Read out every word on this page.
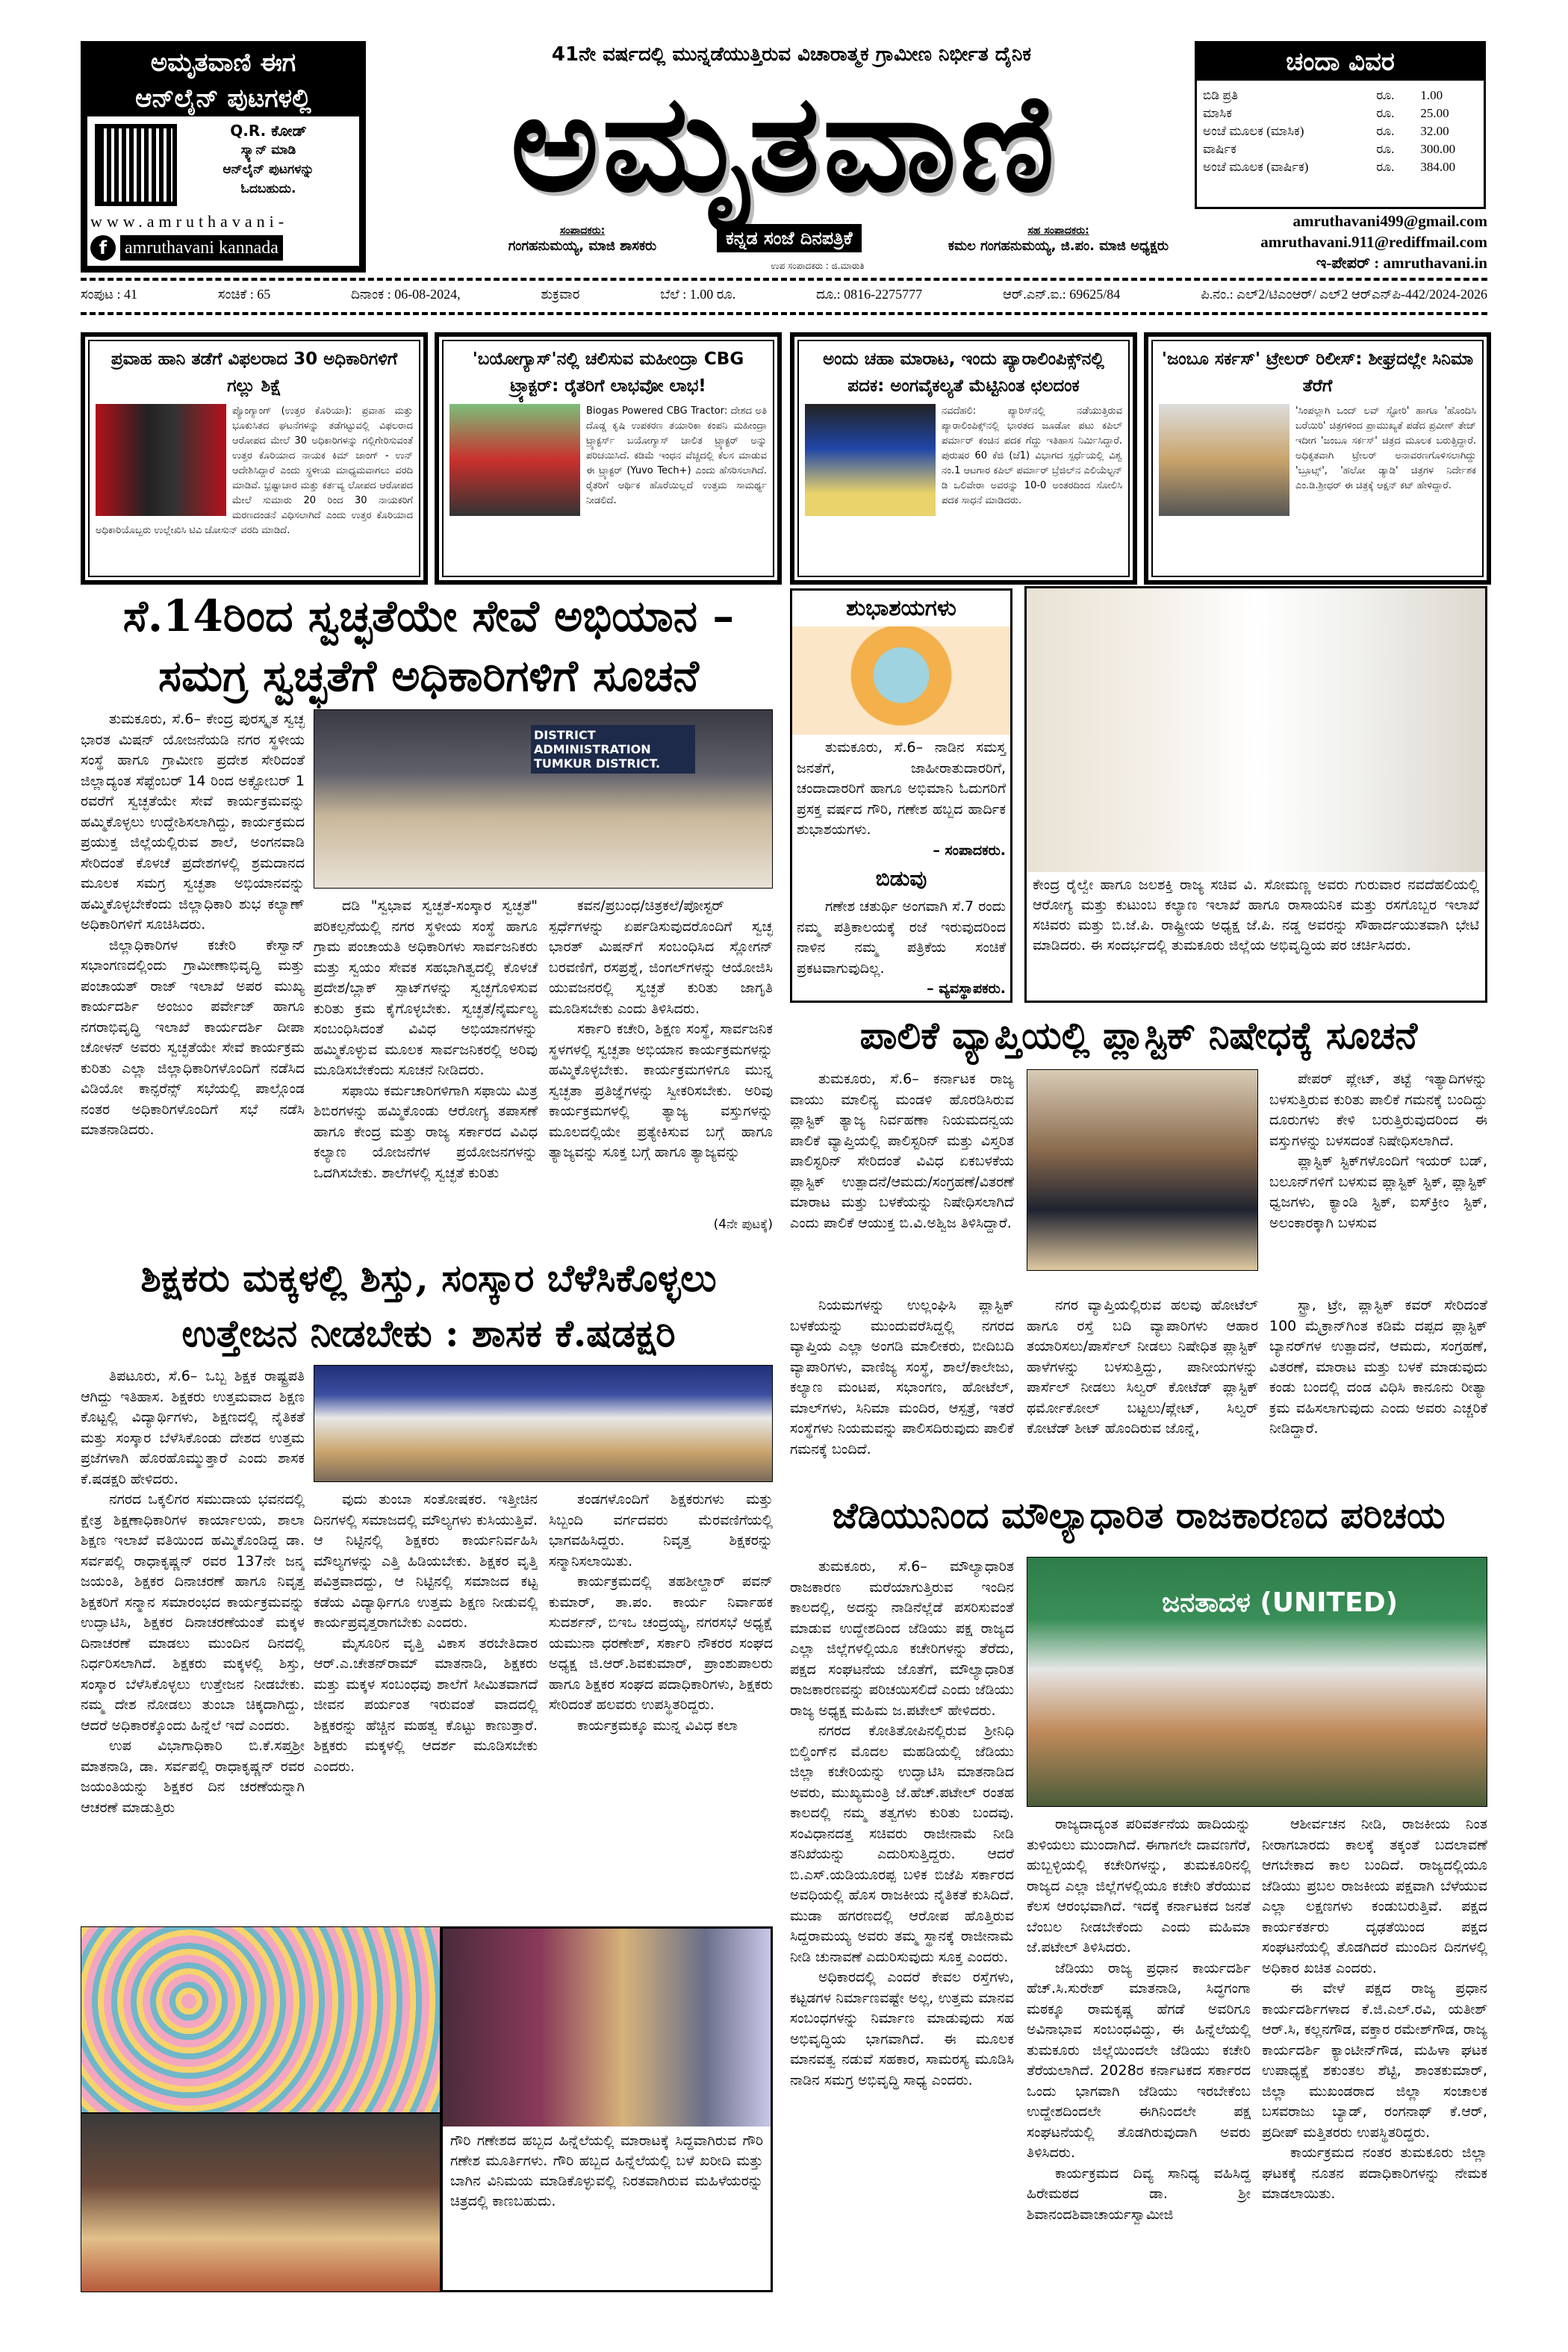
ಅಮೃತವಾಣಿ ಈಗ
ಆನ್‌ಲೈನ್ ಪುಟಗಳಲ್ಲಿ
Q.R. ಕೋಡ್
ಸ್ಕ್ಯಾನ್ ಮಾಡಿ
ಆನ್‌ಲೈನ್ ಪುಟಗಳನ್ನು
ಓದಬಹುದು.
www.amruthavani-
f amruthavani kannada
41ನೇ ವರ್ಷದಲ್ಲಿ ಮುನ್ನಡೆಯುತ್ತಿರುವ ವಿಚಾರಾತ್ಮಕ ಗ್ರಾಮೀಣ ನಿರ್ಭೀತ ದೈನಿಕ
ಅಮೃತವಾಣಿ
ಕನ್ನಡ ಸಂಜೆ ದಿನಪತ್ರಿಕೆ
ಸಂಪಾದಕರು:
ಗಂಗಹನುಮಯ್ಯ, ಮಾಜಿ ಶಾಸಕರು
ಉಪ ಸಂಪಾದಕರು : ಜಿ.ಮಾರುತಿ
ಸಹ ಸಂಪಾದಕರು:
ಕಮಲ ಗಂಗಹನುಮಯ್ಯ, ಜಿ.ಪಂ. ಮಾಜಿ ಅಧ್ಯಕ್ಷರು
ಚಂದಾ ವಿವರ
ಬಿಡಿ ಪ್ರತಿ	ರೂ.	1.00
ಮಾಸಿಕ	ರೂ.	25.00
ಅಂಚೆ ಮೂಲಕ (ಮಾಸಿಕ)	ರೂ.	32.00
ವಾರ್ಷಿಕ	ರೂ.	300.00
ಅಂಚೆ ಮೂಲಕ (ವಾರ್ಷಿಕ)	ರೂ.	384.00
amruthavani499@gmail.com
amruthavani.911@rediffmail.com
ಇ-ಪೇಪರ್ : amruthavani.in
ಸಂಪುಟ : 41	ಸಂಚಿಕೆ : 65	ದಿನಾಂಕ : 06-08-2024,	ಶುಕ್ರವಾರ	ಬೆಲೆ : 1.00 ರೂ.	ದೂ.: 0816-2275777	ಆರ್.ಎನ್.ಐ.: 69625/84	ಪಿ.ನಂ.: ಎಲ್2/ಟಿಎಂಆರ್/ ಎಲ್2 ಆರ್‌ಎನ್‌ಪಿ-442/2024-2026
ಪ್ರವಾಹ ಹಾನಿ ತಡೆಗೆ ವಿಫಲರಾದ 30 ಅಧಿಕಾರಿಗಳಿಗೆ ಗಲ್ಲು ಶಿಕ್ಷೆ

ಪ್ಯೊಂಗ್ಯಾಂಗ್ (ಉತ್ತರ ಕೊರಿಯಾ): ಪ್ರವಾಹ ಮತ್ತು ಭೂಕುಸಿತದ ಘಟನೆಗಳನ್ನು ತಡೆಗಟ್ಟುವಲ್ಲಿ ವಿಫಲರಾದ ಆರೋಪದ ಮೇಲೆ 30 ಅಧಿಕಾರಿಗಳನ್ನು ಗಲ್ಲಿಗೇರಿಸುವಂತೆ ಉತ್ತರ ಕೊರಿಯಾದ ನಾಯಕ ಕಿಮ್ ಜಾಂಗ್ - ಉನ್ ಆದೇಶಿಸಿದ್ದಾರೆ ಎಂದು ಸ್ಥಳೀಯ ಮಾಧ್ಯಮವಾಗಲು ವರದಿ ಮಾಡಿವೆ. ಭ್ರಷ್ಟಾಚಾರ ಮತ್ತು ಕರ್ತವ್ಯ ಲೋಪದ ಆರೋಪದ ಮೇಲೆ ಸುಮಾರು 20 ರಿಂದ 30 ನಾಯಕರಿಗೆ ಮರಣದಂಡನೆ ವಿಧಿಸಲಾಗಿದೆ ಎಂದು ಉತ್ತರ ಕೊರಿಯಾದ ಅಧಿಕಾರಿಯೊಬ್ಬರು ಉಲ್ಲೇಖಿಸಿ ಟಿವಿ ಚೋಸುನ್ ವರದಿ ಮಾಡಿದೆ.

'ಬಯೋಗ್ಯಾಸ್'ನಲ್ಲಿ ಚಲಿಸುವ ಮಹೀಂದ್ರಾ CBG ಟ್ರ್ಯಾಕ್ಟರ್: ರೈತರಿಗೆ ಲಾಭವೋ ಲಾಭ!

Biogas Powered CBG Tractor: ದೇಶದ ಅತಿ ದೊಡ್ಡ ಕೃಷಿ ಉಪಕರಣ ತಯಾರಿಕಾ ಕಂಪನಿ ಮಹೀಂದ್ರಾ ಟ್ರ್ಯಾಕ್ಟರ್ಸ್ ಬಯೋಗ್ಯಾಸ್ ಚಾಲಿತ ಟ್ರ್ಯಾಕ್ಟರ್ ಅನ್ನು ಪರಿಚಯಿಸಿದೆ. ಕಡಿಮೆ ಇಂಧನ ವೆಚ್ಚದಲ್ಲಿ ಕೆಲಸ ಮಾಡುವ ಈ ಟ್ರ್ಯಾಕ್ಟರ್ (Yuvo Tech+) ಎಂದು ಹೆಸರಿಸಲಾಗಿದೆ. ರೈತರಿಗೆ ಆರ್ಥಿಕ ಹೊರೆಯಿಲ್ಲದೆ ಉತ್ತಮ ಸಾಮರ್ಥ್ಯ ನೀಡಲಿದೆ.

ಅಂದು ಚಹಾ ಮಾರಾಟ, ಇಂದು ಪ್ಯಾರಾಲಿಂಪಿಕ್ಸ್‌ನಲ್ಲಿ ಪದಕ: ಅಂಗವೈಕಲ್ಯತೆ ಮೆಟ್ಟಿನಿಂತ ಛಲದಂಕ

ನವದೆಹಲಿ: ಪ್ಯಾರಿಸ್‌ನಲ್ಲಿ ನಡೆಯುತ್ತಿರುವ ಪ್ಯಾರಾಲಿಂಪಿಕ್ಸ್‌ನಲ್ಲಿ ಭಾರತದ ಜೂಡೋ ಪಟು ಕಪಿಲ್ ಪರ್ಮಾರ್ ಕಂಚಿನ ಪದಕ ಗೆದ್ದು ಇತಿಹಾಸ ನಿರ್ಮಿಸಿದ್ದಾರೆ. ಪುರುಷರ 60 ಕೆಜಿ (ಜೆ1) ವಿಭಾಗದ ಸ್ಪರ್ಧೆಯಲ್ಲಿ ವಿಶ್ವ ನಂ.1 ಆಟಗಾರ ಕಪಿಲ್ ಪರ್ಮಾರ್ ಬ್ರೆಜಿಲ್‌ನ ಎಲಿಯೆಲ್ಟನ್ ಡಿ ಒಲಿವೇರಾ ಅವರನ್ನು 10-0 ಅಂತರದಿಂದ ಸೋಲಿಸಿ ಪದಕ ಸಾಧನೆ ಮಾಡಿದರು.

'ಜಂಬೂ ಸರ್ಕಸ್' ಟ್ರೇಲರ್ ರಿಲೀಸ್: ಶೀಘ್ರದಲ್ಲೇ ಸಿನಿಮಾ ತೆರೆಗೆ

'ಸಿಂಪಲ್ಲಾಗಿ ಒಂದ್ ಲವ್ ಸ್ಟೋರಿ' ಹಾಗೂ 'ಹೊಂದಿಸಿ ಬರೆಯಿರಿ' ಚಿತ್ರಗಳಿಂದ ಪ್ರಾಮುಖ್ಯತೆ ಪಡೆದ ಪ್ರವೀಣ್ ತೇಜ್ ಇದೀಗ 'ಜಂಬೂ ಸರ್ಕಸ್' ಚಿತ್ರದ ಮೂಲಕ ಬರುತ್ತಿದ್ದಾರೆ. ಅಧಿಕೃತವಾಗಿ ಟ್ರೇಲರ್ ಅನಾವರಣಗೊಳಿಸಲಾಗಿದ್ದು 'ಬ್ರೂಟ್ಸ್', 'ಹಲೋ ಡ್ಯಾಡಿ' ಚಿತ್ರಗಳ ನಿರ್ದೇಶಕ ಎಂ.ಡಿ.ಶ್ರೀಧರ್ ಈ ಚಿತ್ರಕ್ಕೆ ಆಕ್ಷನ್ ಕಟ್ ಹೇಳಿದ್ದಾರೆ.

ಸೆ.14ರಿಂದ ಸ್ವಚ್ಛತೆಯೇ ಸೇವೆ ಅಭಿಯಾನ –
ಸಮಗ್ರ ಸ್ವಚ್ಛತೆಗೆ ಅಧಿಕಾರಿಗಳಿಗೆ ಸೂಚನೆ

ತುಮಕೂರು, ಸೆ.6– ಕೇಂದ್ರ ಪುರಸ್ಕೃತ ಸ್ವಚ್ಛ ಭಾರತ ಮಿಷನ್ ಯೋಜನೆಯಡಿ ನಗರ ಸ್ಥಳೀಯ ಸಂಸ್ಥೆ ಹಾಗೂ ಗ್ರಾಮೀಣ ಪ್ರದೇಶ ಸೇರಿದಂತೆ ಜಿಲ್ಲಾದ್ಯಂತ ಸೆಪ್ಟೆಂಬರ್ 14 ರಿಂದ ಅಕ್ಟೋಬರ್ 1 ರವರೆಗೆ ಸ್ವಚ್ಛತೆಯೇ ಸೇವೆ ಕಾರ್ಯಕ್ರಮವನ್ನು ಹಮ್ಮಿಕೊಳ್ಳಲು ಉದ್ದೇಶಿಸಲಾಗಿದ್ದು, ಕಾರ್ಯಕ್ರಮದ ಪ್ರಯುಕ್ತ ಜಿಲ್ಲೆಯಲ್ಲಿರುವ ಶಾಲೆ, ಅಂಗನವಾಡಿ ಸೇರಿದಂತೆ ಕೊಳಚೆ ಪ್ರದೇಶಗಳಲ್ಲಿ ಶ್ರಮದಾನದ ಮೂಲಕ ಸಮಗ್ರ ಸ್ವಚ್ಛತಾ ಅಭಿಯಾನವನ್ನು ಹಮ್ಮಿಕೊಳ್ಳಬೇಕೆಂದು ಜಿಲ್ಲಾಧಿಕಾರಿ ಶುಭ ಕಲ್ಯಾಣ್ ಅಧಿಕಾರಿಗಳಿಗೆ ಸೂಚಿಸಿದರು.

ಜಿಲ್ಲಾಧಿಕಾರಿಗಳ ಕಚೇರಿ ಕೇಸ್ವಾನ್ ಸಭಾಂಗಣದಲ್ಲಿಂದು ಗ್ರಾಮೀಣಾಭಿವೃದ್ಧಿ ಮತ್ತು ಪಂಚಾಯತ್ ರಾಜ್ ಇಲಾಖೆ ಅಪರ ಮುಖ್ಯ ಕಾರ್ಯದರ್ಶಿ ಅಂಜುಂ ಪರ್ವೇಜ್ ಹಾಗೂ ನಗರಾಭಿವೃದ್ಧಿ ಇಲಾಖೆ ಕಾರ್ಯದರ್ಶಿ ದೀಪಾ ಚೋಳನ್ ಅವರು ಸ್ವಚ್ಛತೆಯೇ ಸೇವೆ ಕಾರ್ಯಕ್ರಮ ಕುರಿತು ಎಲ್ಲಾ ಜಿಲ್ಲಾಧಿಕಾರಿಗಳೊಂದಿಗೆ ನಡೆಸಿದ ವಿಡಿಯೋ ಕಾನ್ಫರೆನ್ಸ್ ಸಭೆಯಲ್ಲಿ ಪಾಲ್ಗೊಂಡ ನಂತರ ಅಧಿಕಾರಿಗಳೊಂದಿಗೆ ಸಭೆ ನಡೆಸಿ ಮಾತನಾಡಿದರು.

DISTRICT ADMINISTRATION TUMKUR DISTRICT.

ದಡಿ "ಸ್ವಭಾವ ಸ್ವಚ್ಛತೆ-ಸಂಸ್ಕಾರ ಸ್ವಚ್ಛತೆ" ಪರಿಕಲ್ಪನೆಯಲ್ಲಿ ನಗರ ಸ್ಥಳೀಯ ಸಂಸ್ಥೆ ಹಾಗೂ ಗ್ರಾಮ ಪಂಚಾಯತಿ ಅಧಿಕಾರಿಗಳು ಸಾರ್ವಜನಿಕರು ಮತ್ತು ಸ್ವಯಂ ಸೇವಕ ಸಹಭಾಗಿತ್ವದಲ್ಲಿ ಕೊಳಚೆ ಪ್ರದೇಶ/ಬ್ಲಾಕ್ ಸ್ಪಾಟ್‌ಗಳನ್ನು ಸ್ವಚ್ಛಗೊಳಿಸುವ ಕುರಿತು ಕ್ರಮ ಕೈಗೊಳ್ಳಬೇಕು. ಸ್ವಚ್ಛತೆ/ನೈರ್ಮಲ್ಯ ಸಂಬಂಧಿಸಿದಂತೆ ವಿವಿಧ ಅಭಿಯಾನಗಳನ್ನು ಹಮ್ಮಿಕೊಳ್ಳುವ ಮೂಲಕ ಸಾರ್ವಜನಿಕರಲ್ಲಿ ಅರಿವು ಮೂಡಿಸಬೇಕೆಂದು ಸೂಚನೆ ನೀಡಿದರು.

ಸಫಾಯಿ ಕರ್ಮಚಾರಿಗಳಿಗಾಗಿ ಸಫಾಯಿ ಮಿತ್ರ ಶಿಬಿರಗಳನ್ನು ಹಮ್ಮಿಕೊಂಡು ಆರೋಗ್ಯ ತಪಾಸಣೆ ಹಾಗೂ ಕೇಂದ್ರ ಮತ್ತು ರಾಜ್ಯ ಸರ್ಕಾರದ ವಿವಿಧ ಕಲ್ಯಾಣ ಯೋಜನೆಗಳ ಪ್ರಯೋಜನಗಳನ್ನು ಒದಗಿಸಬೇಕು. ಶಾಲೆಗಳಲ್ಲಿ ಸ್ವಚ್ಛತೆ ಕುರಿತು

ಕವನ/ಪ್ರಬಂಧ/ಚಿತ್ರಕಲೆ/ಪೋಸ್ಟರ್ ಸ್ಪರ್ಧೆಗಳನ್ನು ಏರ್ಪಡಿಸುವುದರೊಂದಿಗೆ ಸ್ವಚ್ಛ ಭಾರತ್ ಮಿಷನ್‌ಗೆ ಸಂಬಂಧಿಸಿದ ಸ್ಲೋಗನ್ ಬರವಣಿಗೆ, ರಸಪ್ರಶ್ನೆ, ಜಿಂಗಲ್‌ಗಳನ್ನು ಆಯೋಜಿಸಿ ಯುವಜನರಲ್ಲಿ ಸ್ವಚ್ಛತೆ ಕುರಿತು ಜಾಗೃತಿ ಮೂಡಿಸಬೇಕು ಎಂದು ತಿಳಿಸಿದರು.

ಸರ್ಕಾರಿ ಕಚೇರಿ, ಶಿಕ್ಷಣ ಸಂಸ್ಥೆ, ಸಾರ್ವಜನಿಕ ಸ್ಥಳಗಳಲ್ಲಿ ಸ್ವಚ್ಛತಾ ಅಭಿಯಾನ ಕಾರ್ಯಕ್ರಮಗಳನ್ನು ಹಮ್ಮಿಕೊಳ್ಳಬೇಕು. ಕಾರ್ಯಕ್ರಮಗಳಿಗೂ ಮುನ್ನ ಸ್ವಚ್ಛತಾ ಪ್ರತಿಜ್ಞೆಗಳನ್ನು ಸ್ವೀಕರಿಸಬೇಕು. ಅರಿವು ಕಾರ್ಯಕ್ರಮಗಳಲ್ಲಿ ತ್ಯಾಜ್ಯ ವಸ್ತುಗಳನ್ನು ಮೂಲದಲ್ಲಿಯೇ ಪ್ರತ್ಯೇಕಿಸುವ ಬಗ್ಗೆ ಹಾಗೂ ತ್ಯಾಜ್ಯವನ್ನು ಸೂಕ್ತ ಬಗ್ಗೆ ಹಾಗೂ ತ್ಯಾಜ್ಯವನ್ನು

(4ನೇ ಪುಟಕ್ಕೆ)
ಶಿಕ್ಷಕರು ಮಕ್ಕಳಲ್ಲಿ ಶಿಸ್ತು, ಸಂಸ್ಕಾರ ಬೆಳೆಸಿಕೊಳ್ಳಲು
ಉತ್ತೇಜನ ನೀಡಬೇಕು : ಶಾಸಕ ಕೆ.ಷಡಕ್ಷರಿ

ತಿಪಟೂರು, ಸೆ.6– ಒಬ್ಬ ಶಿಕ್ಷಕ ರಾಷ್ಟ್ರಪತಿ ಆಗಿದ್ದು ಇತಿಹಾಸ. ಶಿಕ್ಷಕರು ಉತ್ತಮವಾದ ಶಿಕ್ಷಣ ಕೊಟ್ಟಲ್ಲಿ ವಿದ್ಯಾರ್ಥಿಗಳು, ಶಿಕ್ಷಣದಲ್ಲಿ ನೈತಿಕತೆ ಮತ್ತು ಸಂಸ್ಕಾರ ಬೆಳೆಸಿಕೊಂಡು ದೇಶದ ಉತ್ತಮ ಪ್ರಜೆಗಳಾಗಿ ಹೊರಹೊಮ್ಮುತ್ತಾರೆ ಎಂದು ಶಾಸಕ ಕೆ.ಷಡಕ್ಷರಿ ಹೇಳಿದರು.

ನಗರದ ಒಕ್ಕಲಿಗರ ಸಮುದಾಯ ಭವನದಲ್ಲಿ ಕ್ಷೇತ್ರ ಶಿಕ್ಷಣಾಧಿಕಾರಿಗಳ ಕಾರ್ಯಾಲಯ, ಶಾಲಾ ಶಿಕ್ಷಣ ಇಲಾಖೆ ವತಿಯಿಂದ ಹಮ್ಮಿಕೊಂಡಿದ್ದ ಡಾ. ಸರ್ವಪಲ್ಲಿ ರಾಧಾಕೃಷ್ಣನ್ ರವರ 137ನೇ ಜನ್ಮ ಜಯಂತಿ, ಶಿಕ್ಷಕರ ದಿನಾಚರಣೆ ಹಾಗೂ ನಿವೃತ್ತ ಶಿಕ್ಷಕರಿಗೆ ಸನ್ಮಾನ ಸಮಾರಂಭದ ಕಾರ್ಯಕ್ರಮವನ್ನು ಉದ್ಘಾಟಿಸಿ, ಶಿಕ್ಷಕರ ದಿನಾಚರಣೆಯಂತೆ ಮಕ್ಕಳ ದಿನಾಚರಣೆ ಮಾಡಲು ಮುಂದಿನ ದಿನದಲ್ಲಿ ನಿರ್ಧರಿಸಲಾಗಿದೆ. ಶಿಕ್ಷಕರು ಮಕ್ಕಳಲ್ಲಿ ಶಿಸ್ತು, ಸಂಸ್ಕಾರ ಬೆಳೆಸಿಕೊಳ್ಳಲು ಉತ್ತೇಜನ ನೀಡಬೇಕು. ನಮ್ಮ ದೇಶ ನೋಡಲು ತುಂಬಾ ಚಿಕ್ಕದಾಗಿದ್ದು, ಆದರೆ ಅಧಿಕಾರಕ್ಕೊಂದು ಹಿನ್ನೆಲೆ ಇದೆ ಎಂದರು.

ಉಪ ವಿಭಾಗಾಧಿಕಾರಿ ಬಿ.ಕೆ.ಸಪ್ತಶ್ರೀ ಮಾತನಾಡಿ, ಡಾ. ಸರ್ವಪಲ್ಲಿ ರಾಧಾಕೃಷ್ಣನ್ ರವರ ಜಯಂತಿಯನ್ನು ಶಿಕ್ಷಕರ ದಿನ ಚರಣೆಯನ್ನಾಗಿ ಆಚರಣೆ ಮಾಡುತ್ತಿರು

ವುದು ತುಂಬಾ ಸಂತೋಷಕರ. ಇತ್ತೀಚಿನ ದಿನಗಳಲ್ಲಿ ಸಮಾಜದಲ್ಲಿ ಮೌಲ್ಯಗಳು ಕುಸಿಯುತ್ತಿವೆ. ಆ ನಿಟ್ಟಿನಲ್ಲಿ ಶಿಕ್ಷಕರು ಕಾರ್ಯನಿರ್ವಹಿಸಿ ಮೌಲ್ಯಗಳನ್ನು ಎತ್ತಿ ಹಿಡಿಯಬೇಕು. ಶಿಕ್ಷಕರ ವೃತ್ತಿ ಪವಿತ್ರವಾದದ್ದು, ಆ ನಿಟ್ಟಿನಲ್ಲಿ ಸಮಾಜದ ಕಟ್ಟ ಕಡೆಯ ವಿದ್ಯಾರ್ಥಿಗೂ ಉತ್ತಮ ಶಿಕ್ಷಣ ನೀಡುವಲ್ಲಿ ಕಾರ್ಯಪ್ರವೃತ್ತರಾಗಬೇಕು ಎಂದರು.

ಮೈಸೂರಿನ ವೃತ್ತಿ ವಿಕಾಸ ತರಬೇತಿದಾರ ಆರ್.ಎ.ಚೇತನ್‌ರಾಮ್ ಮಾತನಾಡಿ, ಶಿಕ್ಷಕರು ಮತ್ತು ಮಕ್ಕಳ ಸಂಬಂಧವು ಶಾಲೆಗೆ ಸೀಮಿತವಾಗದೆ ಜೀವನ ಪರ್ಯಂತ ಇರುವಂತೆ ವಾದದಲ್ಲಿ ಶಿಕ್ಷಕರನ್ನು ಹೆಚ್ಚಿನ ಮಹತ್ವ ಕೊಟ್ಟು ಕಾಣುತ್ತಾರೆ. ಶಿಕ್ಷಕರು ಮಕ್ಕಳಲ್ಲಿ ಆದರ್ಶ ಮೂಡಿಸಬೇಕು ಎಂದರು.

ತಂಡಗಳೊಂದಿಗೆ ಶಿಕ್ಷಕರುಗಳು ಮತ್ತು ಸಿಬ್ಬಂದಿ ವರ್ಗದವರು ಮೆರವಣಿಗೆಯಲ್ಲಿ ಭಾಗವಹಿಸಿದ್ದರು. ನಿವೃತ್ತ ಶಿಕ್ಷಕರನ್ನು ಸನ್ಮಾನಿಸಲಾಯಿತು.

ಕಾರ್ಯಕ್ರಮದಲ್ಲಿ ತಹಶೀಲ್ದಾರ್ ಪವನ್ ಕುಮಾರ್, ತಾ.ಪಂ. ಕಾರ್ಯ ನಿರ್ವಾಹಕ ಸುದರ್ಶನ್, ಬಿಇಒ ಚಂದ್ರಯ್ಯ, ನಗರಸಭೆ ಅಧ್ಯಕ್ಷೆ ಯಮುನಾ ಧರಣೇಶ್, ಸರ್ಕಾರಿ ನೌಕರರ ಸಂಘದ ಅಧ್ಯಕ್ಷ ಜಿ.ಆರ್.ಶಿವಕುಮಾರ್, ಪ್ರಾಂಶುಪಾಲರು ಹಾಗೂ ಶಿಕ್ಷಕರ ಸಂಘದ ಪದಾಧಿಕಾರಿಗಳು, ಶಿಕ್ಷಕರು ಸೇರಿದಂತೆ ಹಲವರು ಉಪಸ್ಥಿತರಿದ್ದರು.

ಕಾರ್ಯಕ್ರಮಕ್ಕೂ ಮುನ್ನ ವಿವಿಧ ಕಲಾ

ಶುಭಾಶಯಗಳು

ತುಮಕೂರು, ಸೆ.6– ನಾಡಿನ ಸಮಸ್ತ ಜನತೆಗೆ, ಜಾಹೀರಾತುದಾರರಿಗೆ, ಚಂದಾದಾರರಿಗೆ ಹಾಗೂ ಅಭಿಮಾನಿ ಓದುಗರಿಗೆ ಪ್ರಸಕ್ತ ವರ್ಷದ ಗೌರಿ, ಗಣೇಶ ಹಬ್ಬದ ಹಾರ್ದಿಕ ಶುಭಾಶಯಗಳು.

– ಸಂಪಾದಕರು.
ಬಿಡುವು

ಗಣೇಶ ಚತುರ್ಥಿ ಅಂಗವಾಗಿ ಸೆ.7 ರಂದು ನಮ್ಮ ಪತ್ರಿಕಾಲಯಕ್ಕೆ ರಜೆ ಇರುವುದರಿಂದ ನಾಳಿನ ನಮ್ಮ ಪತ್ರಿಕೆಯ ಸಂಚಿಕೆ ಪ್ರಕಟವಾಗುವುದಿಲ್ಲ.

– ವ್ಯವಸ್ಥಾಪಕರು.
ಕೇಂದ್ರ ರೈಲ್ವೇ ಹಾಗೂ ಜಲಶಕ್ತಿ ರಾಜ್ಯ ಸಚಿವ ವಿ. ಸೋಮಣ್ಣ ಅವರು ಗುರುವಾರ ನವದೆಹಲಿಯಲ್ಲಿ ಆರೋಗ್ಯ ಮತ್ತು ಕುಟುಂಬ ಕಲ್ಯಾಣ ಇಲಾಖೆ ಹಾಗೂ ರಾಸಾಯನಿಕ ಮತ್ತು ರಸಗೊಬ್ಬರ ಇಲಾಖೆ ಸಚಿವರು ಮತ್ತು ಬಿ.ಜೆ.ಪಿ. ರಾಷ್ಟ್ರೀಯ ಅಧ್ಯಕ್ಷ ಜೆ.ಪಿ. ನಡ್ಡ ಅವರನ್ನು ಸೌಹಾರ್ದಯುತವಾಗಿ ಭೇಟಿ ಮಾಡಿದರು. ಈ ಸಂದರ್ಭದಲ್ಲಿ ತುಮಕೂರು ಜಿಲ್ಲೆಯ ಅಭಿವೃದ್ಧಿಯ ಪರ ಚರ್ಚಿಸಿದರು.
ಪಾಲಿಕೆ ವ್ಯಾಪ್ತಿಯಲ್ಲಿ ಪ್ಲಾಸ್ಟಿಕ್ ನಿಷೇಧಕ್ಕೆ ಸೂಚನೆ

ತುಮಕೂರು, ಸೆ.6– ಕರ್ನಾಟಕ ರಾಜ್ಯ ವಾಯು ಮಾಲಿನ್ಯ ಮಂಡಳಿ ಹೊರಡಿಸಿರುವ ಪ್ಲಾಸ್ಟಿಕ್ ತ್ಯಾಜ್ಯ ನಿರ್ವಹಣಾ ನಿಯಮದನ್ವಯ ಪಾಲಿಕೆ ವ್ಯಾಪ್ತಿಯಲ್ಲಿ ಪಾಲಿಸ್ಟರಿನ್ ಮತ್ತು ವಿಸ್ತರಿತ ಪಾಲಿಸ್ಟರಿನ್ ಸೇರಿದಂತೆ ವಿವಿಧ ಏಕಬಳಕೆಯ ಪ್ಲಾಸ್ಟಿಕ್ ಉತ್ಪಾದನೆ/ಆಮದು/ಸಂಗ್ರಹಣೆ/ವಿತರಣೆ ಮಾರಾಟ ಮತ್ತು ಬಳಕೆಯನ್ನು ನಿಷೇಧಿಸಲಾಗಿದೆ ಎಂದು ಪಾಲಿಕೆ ಆಯುಕ್ತ ಬಿ.ವಿ.ಅಶ್ವಿಜ ತಿಳಿಸಿದ್ದಾರೆ.

ಪೇಪರ್ ಪ್ಲೇಟ್, ತಟ್ಟೆ ಇತ್ಯಾದಿಗಳನ್ನು ಬಳಸುತ್ತಿರುವ ಕುರಿತು ಪಾಲಿಕೆ ಗಮನಕ್ಕೆ ಬಂದಿದ್ದು ದೂರುಗಳು ಕೇಳಿ ಬರುತ್ತಿರುವುದರಿಂದ ಈ ವಸ್ತುಗಳನ್ನು ಬಳಸದಂತೆ ನಿಷೇಧಿಸಲಾಗಿದೆ.

ಪ್ಲಾಸ್ಟಿಕ್ ಸ್ಟಿಕ್‌ಗಳೊಂದಿಗೆ ಇಯರ್ ಬಡ್, ಬಲೂನ್‌ಗಳಿಗೆ ಬಳಸುವ ಪ್ಲಾಸ್ಟಿಕ್ ಸ್ಟಿಕ್, ಪ್ಲಾಸ್ಟಿಕ್ ಧ್ವಜಗಳು, ಕ್ಯಾಂಡಿ ಸ್ಟಿಕ್, ಐಸ್‌ಕ್ರೀಂ ಸ್ಟಿಕ್, ಅಲಂಕಾರಕ್ಕಾಗಿ ಬಳಸುವ

ನಿಯಮಗಳನ್ನು ಉಲ್ಲಂಘಿಸಿ ಪ್ಲಾಸ್ಟಿಕ್ ಬಳಕೆಯನ್ನು ಮುಂದುವರೆಸಿದ್ದಲ್ಲಿ ನಗರದ ವ್ಯಾಪ್ತಿಯ ಎಲ್ಲಾ ಅಂಗಡಿ ಮಾಲೀಕರು, ಬೀದಿಬದಿ ವ್ಯಾಪಾರಿಗಳು, ವಾಣಿಜ್ಯ ಸಂಸ್ಥೆ, ಶಾಲೆ/ಕಾಲೇಜು, ಕಲ್ಯಾಣ ಮಂಟಪ, ಸಭಾಂಗಣ, ಹೋಟೆಲ್, ಮಾಲ್‌ಗಳು, ಸಿನಿಮಾ ಮಂದಿರ, ಆಸ್ಪತ್ರೆ, ಇತರೆ ಸಂಸ್ಥೆಗಳು ನಿಯಮವನ್ನು ಪಾಲಿಸದಿರುವುದು ಪಾಲಿಕೆ ಗಮನಕ್ಕೆ ಬಂದಿದೆ.

ನಗರ ವ್ಯಾಪ್ತಿಯಲ್ಲಿರುವ ಹಲವು ಹೋಟೆಲ್ ಹಾಗೂ ರಸ್ತೆ ಬದಿ ವ್ಯಾಪಾರಿಗಳು ಆಹಾರ ತಯಾರಿಸಲು/ಪಾರ್ಸೆಲ್ ನೀಡಲು ನಿಷೇಧಿತ ಪ್ಲಾಸ್ಟಿಕ್ ಹಾಳೆಗಳನ್ನು ಬಳಸುತ್ತಿದ್ದು, ಪಾನೀಯಗಳನ್ನು ಪಾರ್ಸೆಲ್ ನೀಡಲು ಸಿಲ್ವರ್ ಕೋಟೆಡ್ ಪ್ಲಾಸ್ಟಿಕ್ ಥರ್ಮೋಕೋಲ್ ಬಟ್ಟಲು/ಪ್ಲೇಟ್, ಸಿಲ್ವರ್ ಕೋಟೆಡ್ ಶೀಟ್ ಹೊಂದಿರುವ ಜೊನ್ನೆ,

ಸ್ಟ್ರಾ, ಟ್ರೇ, ಪ್ಲಾಸ್ಟಿಕ್ ಕವರ್ ಸೇರಿದಂತೆ 100 ಮೈಕ್ರಾನ್‌ಗಿಂತ ಕಡಿಮೆ ದಪ್ಪದ ಪ್ಲಾಸ್ಟಿಕ್ ಬ್ಯಾನರ್‌ಗಳ ಉತ್ಪಾದನೆ, ಆಮದು, ಸಂಗ್ರಹಣೆ, ವಿತರಣೆ, ಮಾರಾಟ ಮತ್ತು ಬಳಕೆ ಮಾಡುವುದು ಕಂಡು ಬಂದಲ್ಲಿ ದಂಡ ವಿಧಿಸಿ ಕಾನೂನು ರೀತ್ಯಾ ಕ್ರಮ ವಹಿಸಲಾಗುವುದು ಎಂದು ಅವರು ಎಚ್ಚರಿಕೆ ನೀಡಿದ್ದಾರೆ.

ಜೆಡಿಯುನಿಂದ ಮೌಲ್ಯಾಧಾರಿತ ರಾಜಕಾರಣದ ಪರಿಚಯ

ತುಮಕೂರು, ಸೆ.6– ಮೌಲ್ಯಾಧಾರಿತ ರಾಜಕಾರಣ ಮರೆಯಾಗುತ್ತಿರುವ ಇಂದಿನ ಕಾಲದಲ್ಲಿ, ಅದನ್ನು ನಾಡಿನೆಲ್ಲೆಡೆ ಪಸರಿಸುವಂತೆ ಮಾಡುವ ಉದ್ದೇಶದಿಂದ ಜೆಡಿಯು ಪಕ್ಷ ರಾಜ್ಯದ ಎಲ್ಲಾ ಜಿಲ್ಲೆಗಳಲ್ಲಿಯೂ ಕಚೇರಿಗಳನ್ನು ತೆರೆದು, ಪಕ್ಷದ ಸಂಘಟನೆಯ ಜೊತೆಗೆ, ಮೌಲ್ಯಾಧಾರಿತ ರಾಜಕಾರಣವನ್ನು ಪರಿಚಯಿಸಲಿದೆ ಎಂದು ಜೆಡಿಯು ರಾಜ್ಯ ಅಧ್ಯಕ್ಷ ಮಹಿಮ ಜ.ಪಟೇಲ್ ಹೇಳಿದರು.

ನಗರದ ಕೋತಿತೋಪಿನಲ್ಲಿರುವ ಶ್ರೀನಿಧಿ ಬಿಲ್ಡಿಂಗ್‌ನ ಮೊದಲ ಮಹಡಿಯಲ್ಲಿ ಜೆಡಿಯು ಜಿಲ್ಲಾ ಕಚೇರಿಯನ್ನು ಉದ್ಘಾಟಿಸಿ ಮಾತನಾಡಿದ ಅವರು, ಮುಖ್ಯಮಂತ್ರಿ ಜೆ.ಹೆಚ್.ಪಟೇಲ್ ರಂತಹ ಕಾಲದಲ್ಲಿ ನಮ್ಮ ತತ್ವಗಳು ಕುರಿತು ಬಂದವು. ಸಂವಿಧಾನದತ್ತ ಸಚಿವರು ರಾಜೀನಾಮೆ ನೀಡಿ ತನಿಖೆಯನ್ನು ಎದುರಿಸುತ್ತಿದ್ದರು. ಆದರೆ ಬಿ.ಎಸ್.ಯಡಿಯೂರಪ್ಪ ಬಳಿಕ ಬಿಜೆಪಿ ಸರ್ಕಾರದ ಅವಧಿಯಲ್ಲಿ ಹೊಸ ರಾಜಕೀಯ ನೈತಿಕತೆ ಕುಸಿದಿದೆ. ಮುಡಾ ಹಗರಣದಲ್ಲಿ ಆರೋಪ ಹೊತ್ತಿರುವ ಸಿದ್ದರಾಮಯ್ಯ ಅವರು ತಮ್ಮ ಸ್ಥಾನಕ್ಕೆ ರಾಜೀನಾಮೆ ನೀಡಿ ಚುನಾವಣೆ ಎದುರಿಸುವುದು ಸೂಕ್ತ ಎಂದರು.

ಅಧಿಕಾರದಲ್ಲಿ ಎಂದರೆ ಕೇವಲ ರಸ್ತೆಗಳು, ಕಟ್ಟಡಗಳ ನಿರ್ಮಾಣವಷ್ಟೇ ಅಲ್ಲ, ಉತ್ತಮ ಮಾನವ ಸಂಬಂಧಗಳನ್ನು ನಿರ್ಮಾಣ ಮಾಡುವುದು ಸಹ ಅಭಿವೃದ್ಧಿಯ ಭಾಗವಾಗಿದೆ. ಈ ಮೂಲಕ ಮಾನವತ್ವ ನಡುವೆ ಸಹಕಾರ, ಸಾಮರಸ್ಯ ಮೂಡಿಸಿ ನಾಡಿನ ಸಮಗ್ರ ಅಭಿವೃದ್ಧಿ ಸಾಧ್ಯ ಎಂದರು.

ಜನತಾದಳ (UNITED)

ರಾಜ್ಯದಾದ್ಯಂತ ಪರಿವರ್ತನೆಯ ಹಾದಿಯನ್ನು ತುಳಿಯಲು ಮುಂದಾಗಿದೆ. ಈಗಾಗಲೇ ದಾವಣಗೆರೆ, ಹುಬ್ಬಳ್ಳಿಯಲ್ಲಿ ಕಚೇರಿಗಳನ್ನು, ತುಮಕೂರಿನಲ್ಲಿ ರಾಜ್ಯದ ಎಲ್ಲಾ ಜಿಲ್ಲೆಗಳಲ್ಲಿಯೂ ಕಚೇರಿ ತೆರೆಯುವ ಕೆಲಸ ಆರಂಭವಾಗಿದೆ. ಇದಕ್ಕೆ ಕರ್ನಾಟಕದ ಜನತೆ ಬೆಂಬಲ ನೀಡಬೇಕೆಂದು ಎಂದು ಮಹಿಮಾ ಜೆ.ಪಟೇಲ್ ತಿಳಿಸಿದರು.

ಜೆಡಿಯು ರಾಜ್ಯ ಪ್ರಧಾನ ಕಾರ್ಯದರ್ಶಿ ಹೆಚ್.ಸಿ.ಸುರೇಶ್ ಮಾತನಾಡಿ, ಸಿದ್ಧಗಂಗಾ ಮಠಕ್ಕೂ ರಾಮಕೃಷ್ಣ ಹೆಗಡೆ ಅವರಿಗೂ ಅವಿನಾಭಾವ ಸಂಬಂಧವಿದ್ದು, ಈ ಹಿನ್ನೆಲೆಯಲ್ಲಿ ತುಮಕೂರು ಜಿಲ್ಲೆಯಿಂದಲೇ ಜೆಡಿಯು ಕಚೇರಿ ತೆರೆಯಲಾಗಿದೆ. 2028ರ ಕರ್ನಾಟಕದ ಸರ್ಕಾರದ ಒಂದು ಭಾಗವಾಗಿ ಜೆಡಿಯು ಇರಬೇಕೆಂಬ ಉದ್ದೇಶದಿಂದಲೇ ಈಗಿನಿಂದಲೇ ಪಕ್ಷ ಸಂಘಟನೆಯಲ್ಲಿ ತೊಡಗಿರುವುದಾಗಿ ಅವರು ತಿಳಿಸಿದರು.

ಕಾರ್ಯಕ್ರಮದ ದಿವ್ಯ ಸಾನಿಧ್ಯ ವಹಿಸಿದ್ದ ಹಿರೇಮಠದ ಡಾ. ಶ್ರೀ ಶಿವಾನಂದಶಿವಾಚಾರ್ಯಸ್ವಾಮೀಜಿ

ಆಶೀರ್ವಚನ ನೀಡಿ, ರಾಜಕೀಯ ನಿಂತ ನೀರಾಗಬಾರದು ಕಾಲಕ್ಕೆ ತಕ್ಕಂತೆ ಬದಲಾವಣೆ ಆಗಬೇಕಾದ ಕಾಲ ಬಂದಿದೆ. ರಾಜ್ಯದಲ್ಲಿಯೂ ಜೆಡಿಯು ಪ್ರಬಲ ರಾಜಕೀಯ ಪಕ್ಷವಾಗಿ ಬೆಳೆಯುವ ಎಲ್ಲಾ ಲಕ್ಷಣಗಳು ಕಂಡುಬರುತ್ತಿವೆ. ಪಕ್ಷದ ಕಾರ್ಯಕರ್ತರು ದೃಢತೆಯಿಂದ ಪಕ್ಷದ ಸಂಘಟನೆಯಲ್ಲಿ ತೊಡಗಿದರೆ ಮುಂದಿನ ದಿನಗಳಲ್ಲಿ ಅಧಿಕಾರ ಖಚಿತ ಎಂದರು.

ಈ ವೇಳೆ ಪಕ್ಷದ ರಾಜ್ಯ ಪ್ರಧಾನ ಕಾರ್ಯದರ್ಶಿಗಳಾದ ಕೆ.ಜಿ.ಎಲ್.ರವಿ, ಯತೀಶ್ ಆರ್.ಸಿ, ಕಲ್ಲನಗೌಡ, ವಕ್ತಾರ ರಮೇಶ್‌ಗೌಡ, ರಾಜ್ಯ ಕಾರ್ಯದರ್ಶಿ ಕ್ಯಾಂಟೀನ್‌ಗೌಡ, ಮಹಿಳಾ ಘಟಕ ಉಪಾಧ್ಯಕ್ಷೆ ಶಕುಂತಲ ಶೆಟ್ಟಿ, ಶಾಂತಕುಮಾರ್, ಜಿಲ್ಲಾ ಮುಖಂಡರಾದ ಜಿಲ್ಲಾ ಸಂಚಾಲಕ ಬಸವರಾಜು ಬ್ಯಾಡ್, ರಂಗನಾಥ್ ಕೆ.ಆರ್, ಪ್ರದೀಪ್ ಮತ್ತಿತರರು ಉಪಸ್ಥಿತರಿದ್ದರು.

ಕಾರ್ಯಕ್ರಮದ ನಂತರ ತುಮಕೂರು ಜಿಲ್ಲಾ ಘಟಕಕ್ಕೆ ನೂತನ ಪದಾಧಿಕಾರಿಗಳನ್ನು ನೇಮಕ ಮಾಡಲಾಯಿತು.

ಗೌರಿ ಗಣೇಶದ ಹಬ್ಬದ ಹಿನ್ನೆಲೆಯಲ್ಲಿ ಮಾರಾಟಕ್ಕೆ ಸಿದ್ದವಾಗಿರುವ ಗೌರಿ ಗಣೇಶ ಮೂರ್ತಿಗಳು. ಗೌರಿ ಹಬ್ಬದ ಹಿನ್ನೆಲೆಯಲ್ಲಿ ಬಳೆ ಖರೀದಿ ಮತ್ತು ಬಾಗಿನ ವಿನಿಮಯ ಮಾಡಿಕೊಳ್ಳುವಲ್ಲಿ ನಿರತವಾಗಿರುವ ಮಹಿಳೆಯರನ್ನು ಚಿತ್ರದಲ್ಲಿ ಕಾಣಬಹುದು.
